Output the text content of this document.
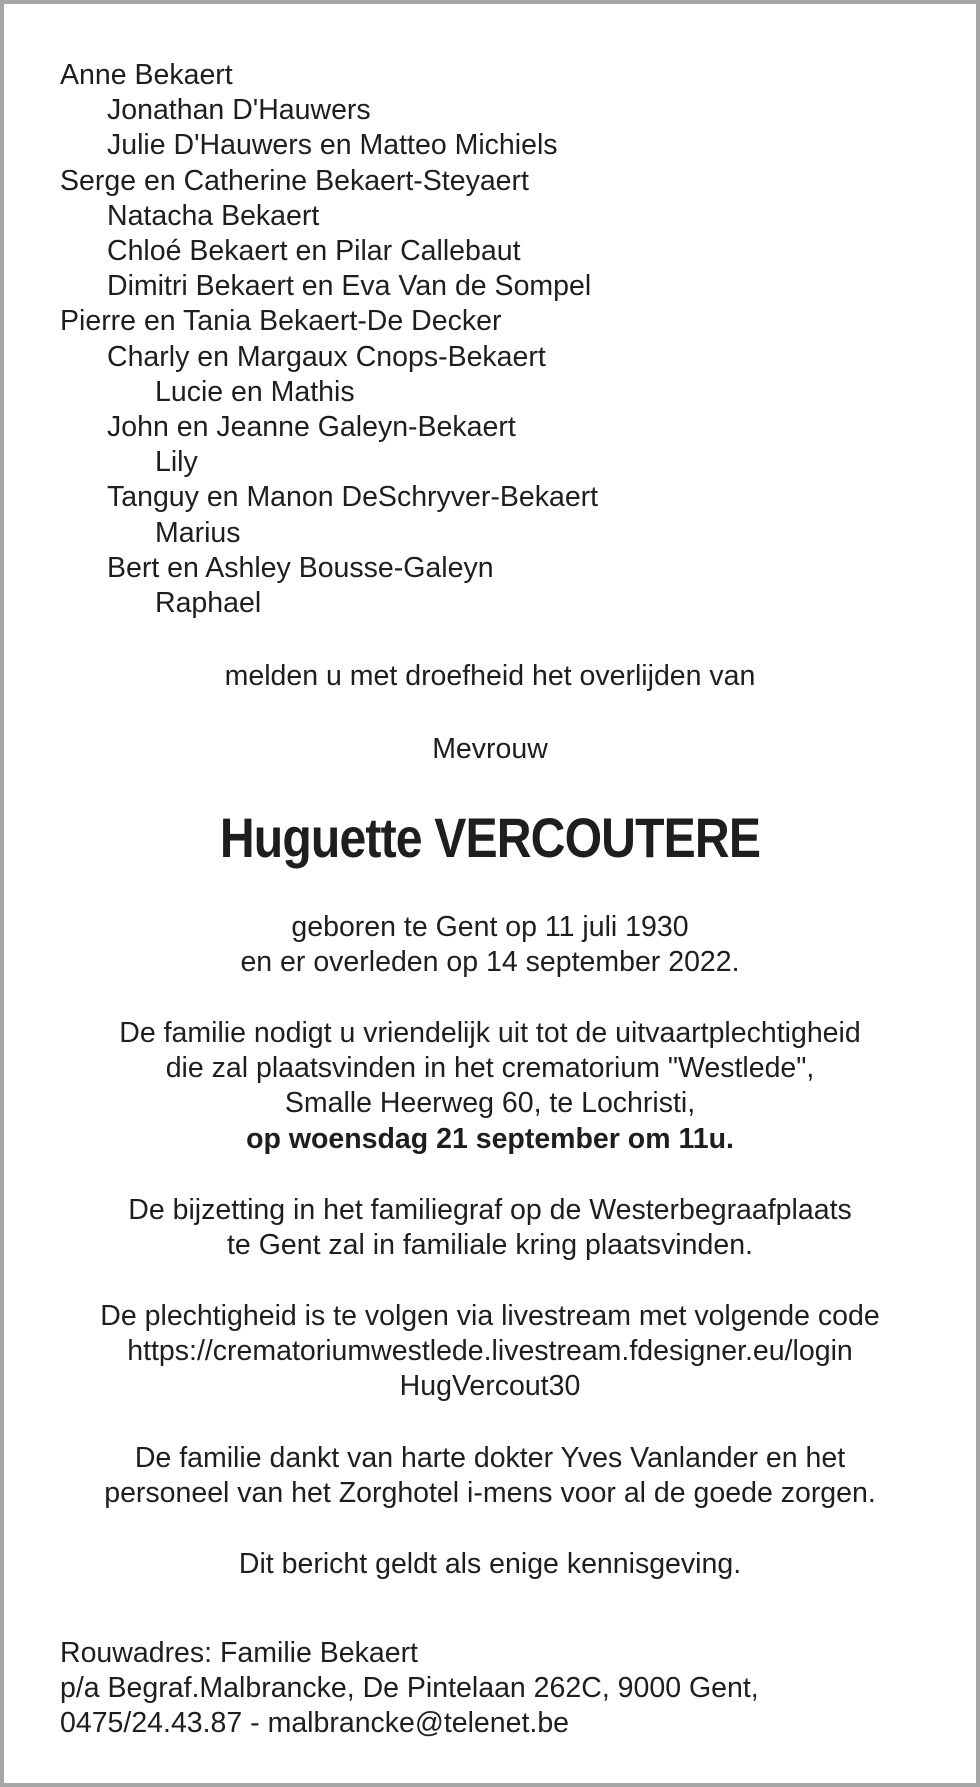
Anne Bekaert
Jonathan D'Hauwers
Julie D'Hauwers en Matteo Michiels
Serge en Catherine Bekaert-Steyaert
Natacha Bekaert
Chloé Bekaert en Pilar Callebaut
Dimitri Bekaert en Eva Van de Sompel
Pierre en Tania Bekaert-De Decker
Charly en Margaux Cnops-Bekaert
Lucie en Mathis
John en Jeanne Galeyn-Bekaert
Lily
Tanguy en Manon DeSchryver-Bekaert
Marius
Bert en Ashley Bousse-Galeyn
Raphael
melden u met droefheid het overlijden van
Mevrouw
Huguette VERCOUTERE
geboren te Gent op 11 juli 1930
en er overleden op 14 september 2022.
De familie nodigt u vriendelijk uit tot de uitvaartplechtigheid
die zal plaatsvinden in het crematorium "Westlede",
Smalle Heerweg 60, te Lochristi,
op woensdag 21 september om 11u.
De bijzetting in het familiegraf op de Westerbegraafplaats
te Gent zal in familiale kring plaatsvinden.
De plechtigheid is te volgen via livestream met volgende code
https://crematoriumwestlede.livestream.fdesigner.eu/login
HugVercout30
De familie dankt van harte dokter Yves Vanlander en het
personeel van het Zorghotel i-mens voor al de goede zorgen.
Dit bericht geldt als enige kennisgeving.
Rouwadres: Familie Bekaert
p/a Begraf.Malbrancke, De Pintelaan 262C, 9000 Gent,
0475/24.43.87 - malbrancke@telenet.be
